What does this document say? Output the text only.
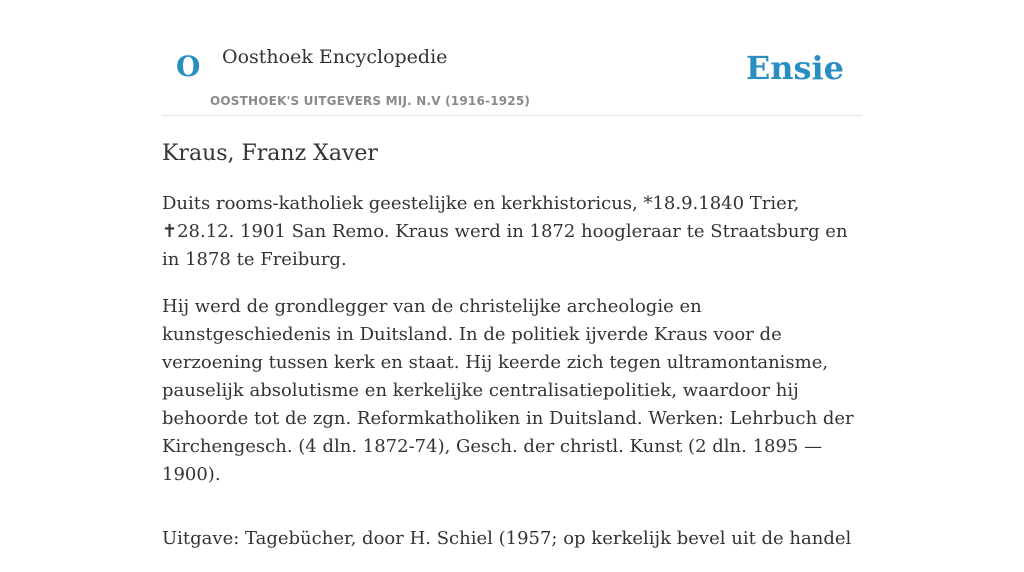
O Oosthoek Encyclopedie
OOSTHOEK'S UITGEVERS MIJ. N.V (1916-1925)
Ensie
Kraus, Franz Xaver

Duits rooms-katholiek geestelijke en kerkhistoricus, *18.9.1840 Trier, ✝28.12. 1901 San Remo. Kraus werd in 1872 hoogleraar te Straatsburg en in 1878 te Freiburg.

Hij werd de grondlegger van de christelijke archeologie en kunstgeschiedenis in Duitsland. In de politiek ijverde Kraus voor de verzoening tussen kerk en staat. Hij keerde zich tegen ultramontanisme, pauselijk absolutisme en kerkelijke centralisatiepolitiek, waardoor hij behoorde tot de zgn. Reformkatholiken in Duitsland. Werken: Lehrbuch der Kirchengesch. (4 dln. 1872-74), Gesch. der christl. Kunst (2 dln. 1895 — 1900).

Uitgave: Tagebücher, door H. Schiel (1957; op kerkelijk bevel uit de handel
